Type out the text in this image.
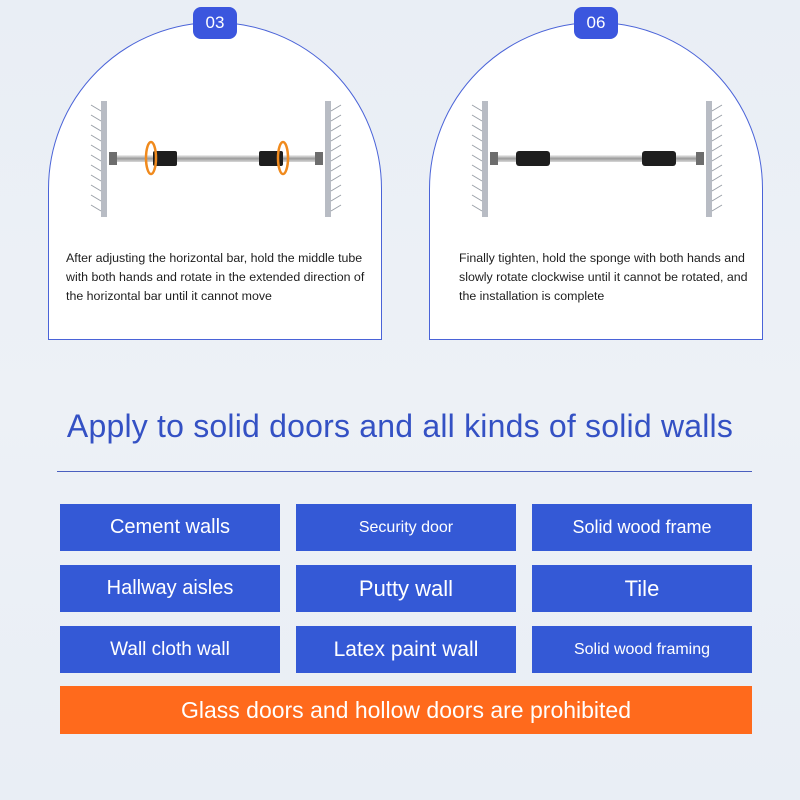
03
After adjusting the horizontal bar, hold the middle tube with both hands and rotate in the extended direction of the horizontal bar until it cannot move
06
Finally tighten, hold the sponge with both hands and slowly rotate clockwise until it cannot be rotated, and the installation is complete
Apply to solid doors and all kinds of solid walls
Cement walls	Security door	Solid wood frame
Hallway aisles	Putty wall	Tile
Wall cloth wall	Latex paint wall	Solid wood framing
Glass doors and hollow doors are prohibited
